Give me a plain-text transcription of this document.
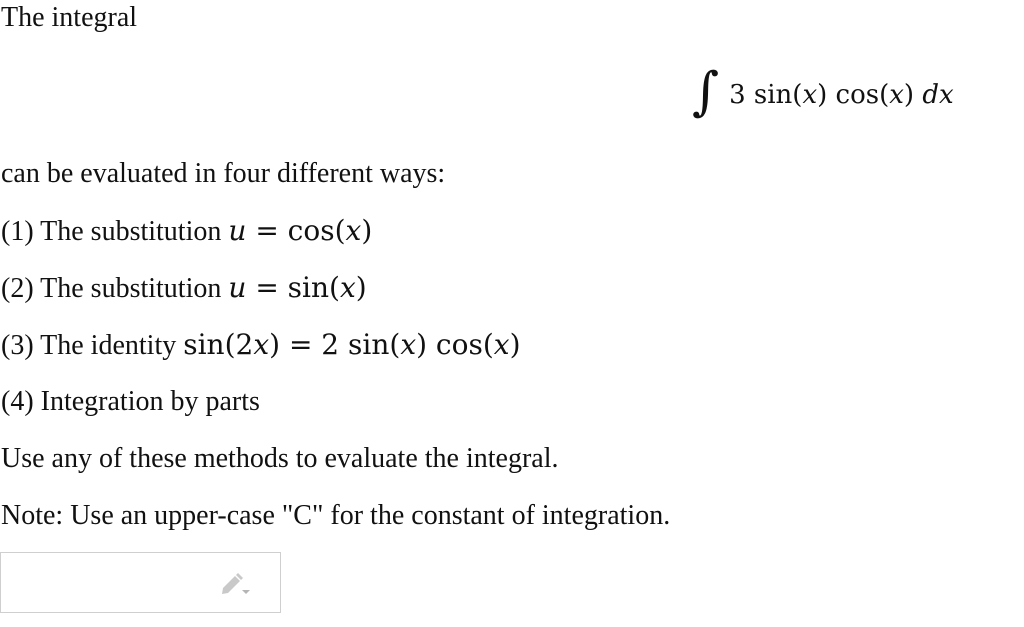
The integral
∫ 3 sin(x) cos(x) dx
can be evaluated in four different ways:
(1) The substitution u = cos(x)
(2) The substitution u = sin(x)
(3) The identity sin(2x) = 2 sin(x) cos(x)
(4) Integration by parts
Use any of these methods to evaluate the integral.
Note: Use an upper-case "C" for the constant of integration.
